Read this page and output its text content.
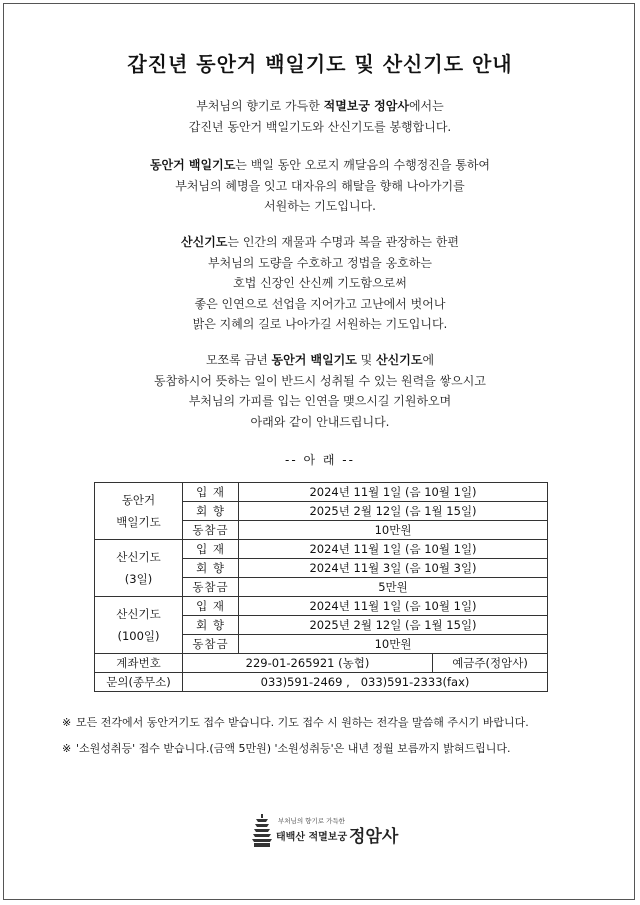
갑진년 동안거 백일기도 및 산신기도 안내
부처님의 향기로 가득한 적멸보궁 정암사에서는
갑진년 동안거 백일기도와 산신기도를 봉행합니다.
동안거 백일기도는 백일 동안 오로지 깨달음의 수행정진을 통하여
부처님의 혜명을 잇고 대자유의 해탈을 향해 나아가기를
서원하는 기도입니다.
산신기도는 인간의 재물과 수명과 복을 관장하는 한편
부처님의 도량을 수호하고 정법을 옹호하는
호법 신장인 산신께 기도함으로써
좋은 인연으로 선업을 지어가고 고난에서 벗어나
밝은 지혜의 길로 나아가길 서원하는 기도입니다.
모쪼록 금년 동안거 백일기도 및 산신기도에
동참하시어 뜻하는 일이 반드시 성취될 수 있는 원력을 쌓으시고
부처님의 가피를 입는 인연을 맺으시길 기원하오며
아래와 같이 안내드립니다.
-- 아 래 --
동안거
백일기도	입 재	2024년 11월 1일 (음 10월 1일)	
	회 향	2025년 2월 12일 (음 1월 15일)	
	동참금	10만원	

산신기도
(3일)	입 재	2024년 11월 1일 (음 10월 1일)	
	회 향	2024년 11월 3일 (음 10월 3일)	
	동참금	5만원	

산신기도
(100일)	입 재	2024년 11월 1일 (음 10월 1일)	
	회 향	2025년 2월 12일 (음 1월 15일)	
	동참금	10만원	
계좌번호	229-01-265921 (농협)		예금주(정암사)
문의(종무소)	033)591-2469 ,   033)591-2333(fax)		
※ 모든 전각에서 동안거기도 접수 받습니다. 기도 접수 시 원하는 전각을 말씀해 주시기 바랍니다.
※ '소원성취등' 접수 받습니다.(금액 5만원) '소원성취등'은 내년 정월 보름까지 밝혀드립니다.
부처님의 향기로 가득한
태백산 적멸보궁 정암사
